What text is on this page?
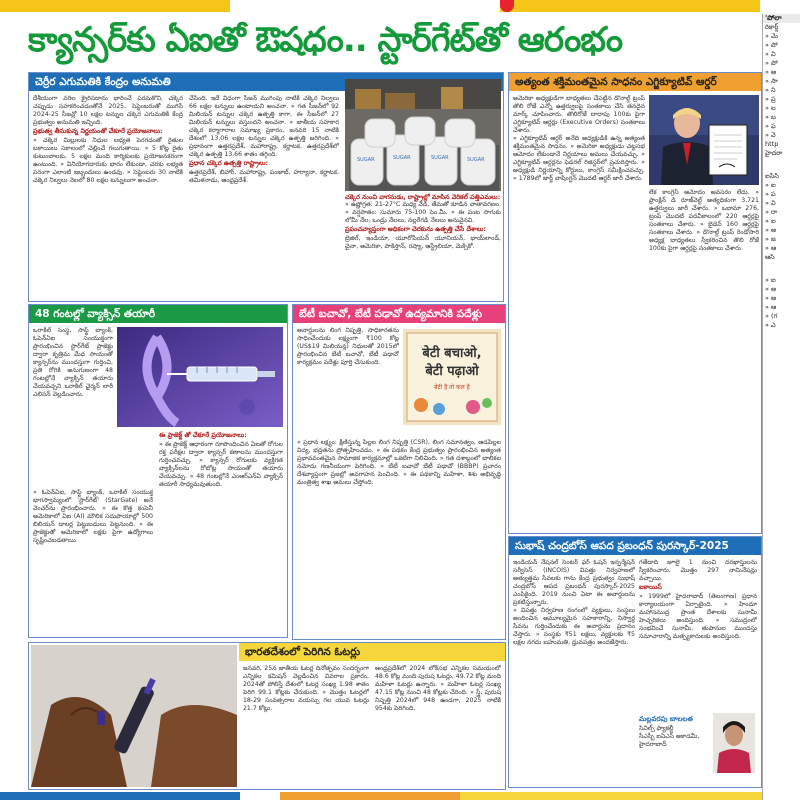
క్యాన్సర్‌కు ఏఐతో ఔషధం.. స్టార్‌గేట్‌తో ఆరంభం
చెర్రీర ఎగుమతికి కేంద్రం అనుమతి
దేశీయంగా వరిల క్రైరిసదాను భారించే పరమకొని, చక్కెర చప్పుడు సహకరించడంతోనే 2025, సెప్టెంబరుతో ముగిసే 2024-25 సీజన్లో 10 లక్షల టన్నుల చక్కెర ఎగుమతికి కేంద్ర ప్రభుత్వం అనుమతి ఇచ్చింది.
ప్రభుత్వ తీసుకున్న నిర్ణయంతో చేకూరే ప్రయోజనాలు:
» చక్కెర మిల్లులకు నిధుల లభ్యత పెరగడంతో రైతుల బకాయిలు సకాలంలో చెల్లించే గలుగుతాయి. » 5 కోట్ల రైతు కుటుంబాలకు, 5 లక్షల మంది కార్మికులకు ప్రయోజనకరంగా ఉంటుంది. » వినియోగదారుకు భారం లేకుండా, చరకు లభ్యత పరంగా ఎలాంటి ఇబ్బందులు ఉండవు. » సెప్టెంబరు 30 నాటికి చక్కెర నిల్వలు నెలలో 80 లక్షల టన్నులుగా అంచనా.
చేసింది. ఇదే విధంగా సీజన్ ముగింపు నాటికి చక్కెర నిల్వలు 66 లక్షల టన్నులు ఉంటాయని అంచనా. » గత సీజన్‌లో 92 మిలియన్ టన్నుల చక్కెర ఉత్పత్తి కాగా, ఈ సీజన్‌లో 27 మిలియన్ టన్నులు వస్తుందని అంచనా. » జాతీయ సహకార చక్కెర కర్మాగారాల సమాఖ్య ప్రకారం, జనవరి 15 నాటికి దేశంలో 13.06 లక్షల టన్నుల చక్కెర ఉత్పత్తి జరిగింది. » ప్రధానంగా ఉత్తరప్రదేశ్, మహారాష్ట్ర, కర్ణాటక, ఉత్తరప్రదేశ్‌లో చక్కెర ఉత్పత్తి 13.66 శాతం తగ్గింది.
ప్రధాన చక్కెర ఉత్పత్తి రాష్ట్రాలు:
ఉత్తరప్రదేశ్, బిహార్, మహారాష్ట్ర, పంజాబ్, హర్యానా, కర్ణాటక, తమిళనాడు, ఆంధ్రప్రదేశ్.
SUGAR	SUGAR	SUGAR	SUGAR
చక్కెర నుంచి వాగనుడు, రాష్ట్రాల్లో మాసిన వెరికల్ పత్తిఎమలు:
» ఉష్ణోగ్రత: 21-27°C మధ్య వేడి, తేమతో కూడిన వాతావరణం. » వర్షపాతం: సుమారు 75-100 సెం.మీ. » ఈ పంట సాగుకు లోమీ నేల, ఒండ్రు నేలలు, నల్లరేగడి నేలలు అనువైనవి.
ప్రపంచవ్యాప్తంగా అధికంగా చెరకును ఉత్పత్తి చేసే దేశాలు:
బ్రెజిల్, ఇండియా, యూరోపియన్ యూనియన్, థాయ్‌లాండ్, చైనా, అమెరికా, పాకిస్తాన్, రష్యా, ఆస్ట్రేలియా, మెక్సికో.
అత్యంత శక్తిమంతమైన సాధనం ఎగ్జిక్యూటివ్ ఆర్డర్
అమెరికా అధ్యక్షుడిగా బాధ్యతలు చేపట్టిన డొనాల్డ్ ట్రంప్ తొలి రోజే ఎన్నో ఉత్తర్వులపై సంతకాలు చేసి తనదైన మార్క్ చూపించారు. తొలిరోజే దాదాపు 100కు పైగా ఎగ్జిక్యూటివ్ ఆర్డర్లు (Executive Orders) సంతకాలు చేశారు.
» ఎగ్జిక్యూటివ్ ఆర్డర్ అనేది అధ్యక్షుడికి ఉన్న అత్యంత శక్తిమంతమైన సాధనం. » అమెరికా అధ్యక్షుడు చట్టసభ ఆమోదం లేకుండానే నిర్ణయాలు అమలు చేయవచ్చు. » ఎగ్జిక్యూటివ్ ఆర్డర్లను ఫెడరల్ రిజిస్టర్‌లో ప్రచురిస్తారు. » అధ్యక్షుడి నిర్ణయాన్ని కోర్టులు, కాంగ్రెస్ సమీక్షించవచ్చు. » 1789లో జార్జ్ వాషింగ్టన్ మొదటి ఆర్డర్ జారీ చేశారు.
లేక కాంగ్రెస్ ఆమోదం అవసరం లేదు. » ఫ్రాంక్లిన్ డి రూజ్‌వెల్ట్ అత్యధికంగా 3,721 ఉత్తర్వులు జారీ చేశారు. » ఒబామా 276, ట్రంప్ మొదటి పదవీకాలంలో 220 ఆర్డర్లపై సంతకాలు చేశారు. » బైడెన్ 160 ఆర్డర్లపై సంతకాలు చేశారు. » డొనాల్డ్ ట్రంప్ రెండోసారి అధ్యక్ష బాధ్యతలు స్వీకరించిన తొలి రోజే 100కు పైగా ఆర్డర్లపై సంతకాలు చేశారు.
48 గంటల్లో వ్యాక్సిన్ తయారీ
ఒరాకిల్ సంస్థ, సాఫ్ట్ బ్యాంక్, ఓపెన్ఏఐ సంయుక్తంగా ప్రారంభించిన స్టార్‌గేట్ ప్రాజెక్టు ద్వారా కృత్రిమ మేధ సాయంతో క్యాన్సర్‌ను ముందస్తుగా గుర్తించి, ప్రతి రోగికి అనుగుణంగా 48 గంటల్లోనే వ్యాక్సిన్ తయారు చేయవచ్చని ఒరాకిల్ ఛైర్మన్ లారీ ఎలిసన్ వెల్లడించారు.
» ఓపెన్ఏఐ, సాఫ్ట్ బ్యాంక్, ఒరాకిల్ సంయుక్త భాగస్వామ్యంలో 'స్టార్‌గేట్' (StarGate) అనే వెంచర్‌ను ప్రారంభించారు. » ఈ కొత్త కంపెనీ అమెరికాలో ఏఐ (AI) మౌలిక సదుపాయాల్లో 500 బిలియన్ డాలర్ల పెట్టుబడులు పెట్టనుంది. » ఈ ప్రాజెక్టుతో అమెరికాలో లక్షకు పైగా ఉద్యోగాలు సృష్టించబడతాయి.
ఈ ప్రాజెక్ట్ తో చేకూరే ప్రయోజనాలు:
» ఈ ప్రాజెక్ట్ ఆధారంగా రూపొందించిన ఏఐతో రోగుల రక్త పరీక్షల ద్వారా క్యాన్సర్ కణాలను ముందస్తుగా గుర్తించవచ్చు. » క్యాన్సర్ రోగులకు వ్యక్తిగత వ్యాక్సిన్‌లను రోబోట్ల సాయంతో తయారు చేయవచ్చు. » 48 గంటల్లోనే ఎంఆర్ఎన్ఏ వ్యాక్సిన్ తయారీ సాధ్యమవుతుంది.
బేటీ బచావో, బేటీ పఢావో ఉద్యమానికి పదేళ్లు
అవార్డులను లింగ నిష్పత్తి, సాధికారతను సాధించేందుకు లక్ష్యంగా ₹100 కోట్ల (US$19 మిలియన్ల) నిధులతో 2015లో ప్రారంభించిన బేటీ బచావో, బేటీ పఢావో కార్యక్రమం పదేళ్లు పూర్తి చేసుకుంది.
बेटी बचाओ,
बेटी पढ़ाओ
बेटी है तो कल है
» ప్రధాన లక్ష్యం: క్షీణిస్తున్న పిల్లల లింగ నిష్పత్తి (CSR), లింగ సమానత్వం, ఆడపిల్లల విద్య, భద్రతను ప్రోత్సహించడం. » ఈ పథకం కేంద్ర ప్రభుత్వం ప్రారంభించిన అత్యంత ప్రభావవంతమైన సామాజిక కార్యక్రమాల్లో ఒకటిగా నిలిచింది. » గత దశాబ్దంలో బాలికల నమోదు గణనీయంగా పెరిగింది. » బేటీ బచావో బేటీ పఢావో (BBBP) ప్రచారం దేశవ్యాప్తంగా ప్రజల్లో అవగాహన పెంచింది. » ఈ పథకాన్ని మహిళా, శిశు అభివృద్ధి మంత్రిత్వ శాఖ అమలు చేస్తోంది.
సుభాష్ చంద్రబోస్ ఆపద ప్రబంధన్ పురస్కార్-2025
ఇండియన్ నేషనల్ సెంటర్ ఫర్ ఓషన్ ఇన్ఫర్మేషన్ సర్వీసెస్ (INCOIS) విపత్తు నిర్వహణలో అత్యుత్తమ సేవలకు గాను కేంద్ర ప్రభుత్వం సుభాష్ చంద్రబోస్ ఆపద ప్రబంధన్ పురస్కార్-2025 ఎంపికైంది. 2019 నుంచి ఏటా ఈ అవార్డులను ప్రకటిస్తున్నారు.
» విపత్తు నిర్వహణ రంగంలో వ్యక్తులు, సంస్థలు అందించిన అమూల్యమైన సహకారాన్ని, నిస్వార్థ సేవను గుర్తించేందుకు ఈ అవార్డును ప్రదానం చేస్తారు. » సంస్థకు ₹51 లక్షలు, వ్యక్తులకు ₹5 లక్షల నగదు బహుమతి, ధ్రువపత్రం అందజేస్తారు.
గతేడాది జూలై 1 నుంచి దరఖాస్తులను స్వీకరించారు. మొత్తం 297 నామినేషన్లు వచ్చాయి.
ఐకాయిస్
» 1999లో హైదరాబాద్ (తెలంగాణ) ప్రధాన కార్యాలయంగా ఏర్పాటైంది. » హిందూ మహాసముద్ర ప్రాంత దేశాలకు సునామీ హెచ్చరికలు అందిస్తుంది. » సముద్రంలో సంభవించే సునామీ, తుపానుల ముందస్తు సమాచారాన్ని మత్స్యకారులకు అందిస్తుంది.
మల్లవరపు బాలలత
సివిల్స్ ఫ్యాకల్టీ
సీఎస్బీ ఐఏఎస్ అకాడమీ,
హైదరాబాద్
భారతదేశంలో పెరిగిన ఓటర్లు
జనవరి, 25న జాతీయ ఓటర్ల దినోత్సవం సందర్భంగా ఎన్నికల కమిషన్ వెల్లడించిన వివరాల ప్రకారం, 2024తో పోలిస్తే దేశంలో ఓటర్ల సంఖ్య 1.98 శాతం పెరిగి 99.1 కోట్లకు చేరుకుంది. » మొత్తం ఓటర్లలో 18-29 సంవత్సరాల వయస్సు గల యువ ఓటర్లు 21.7 కోట్లు.
ఆంధ్రప్రదేశ్‌లో 2024 లోక్‌సభ ఎన్నికల సమయంలో 48.6 కోట్ల మంది పురుష ఓటర్లు, 49.72 కోట్ల మంది మహిళా ఓటర్లు ఉన్నారు. » మహిళా ఓటర్ల సంఖ్య 47.15 కోట్ల నుంచి 48 కోట్లకు చేరింది. » స్త్రీ, పురుష నిష్పత్తి 2024లో 948 ఉండగా, 2025 నాటికి 954కు పెరిగింది.
'పోలా
రికార్డ్
» మె
» పో
» వి
» పో
» అ
» సా
» ని
» ప్ర
» ల
» బ
» ఫ
» వె
http
హైదరా
ఐసిసి
» ఐ
» ప
» వి
» రా
» ఐ
» అ
» జ
» ఆ
ఆసి
» ఐ
» అ
» అ
» ఆ
» (గ
» ఎ
